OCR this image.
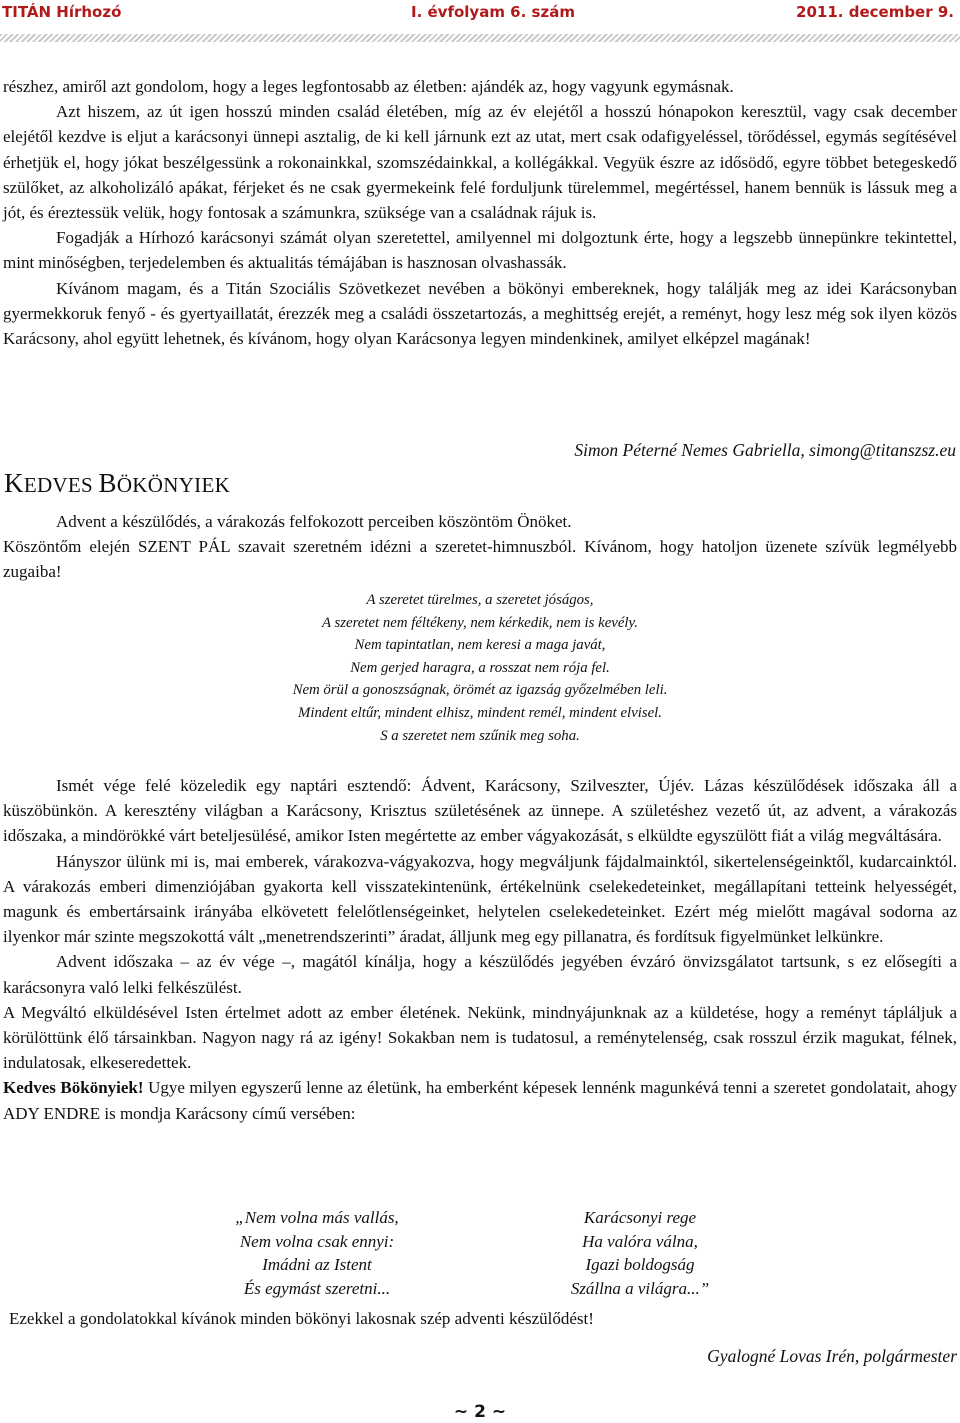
TITÁN Hírhozó	I. évfolyam 6. szám	2011. december 9.

részhez, amiről azt gondolom, hogy a leges legfontosabb az életben: ajándék az, hogy vagyunk egymásnak.

Azt hiszem, az út igen hosszú minden család életében, míg az év elejétől a hosszú hónapokon keresztül, vagy csak december elejétől kezdve is eljut a karácsonyi ünnepi asztalig, de ki kell járnunk ezt az utat, mert csak odafigyeléssel, törődéssel, egymás segítésével érhetjük el, hogy jókat beszélgessünk a rokonainkkal, szomszédainkkal, a kollégákkal. Vegyük észre az idősödő, egyre többet betegeskedő szülőket, az alkoholizáló apákat, férjeket és ne csak gyermekeink felé forduljunk türelemmel, megértéssel, hanem bennük is lássuk meg a jót, és éreztessük velük, hogy fontosak a számunkra, szüksége van a családnak rájuk is.

Fogadják a Hírhozó karácsonyi számát olyan szeretettel, amilyennel mi dolgoztunk érte, hogy a legszebb ünnepünkre tekintettel, mint minőségben, terjedelemben és aktualitás témájában is hasznosan olvashassák.

Kívánom magam, és a Titán Szociális Szövetkezet nevében a bökönyi embereknek, hogy találják meg az idei Karácsonyban gyermekkoruk fenyő - és gyertyaillatát, érezzék meg a családi összetartozás, a meghittség erejét, a reményt, hogy lesz még sok ilyen közös Karácsony, ahol együtt lehetnek, és kívánom, hogy olyan Karácsonya legyen mindenkinek, amilyet elképzel magának!

Simon Péterné Nemes Gabriella, simong@titanszsz.eu
KEDVES BÖKÖNYIEK

Advent a készülődés, a várakozás felfokozott perceiben köszöntöm Önöket.

Köszöntőm elején SZENT PÁL szavait szeretném idézni a szeretet-himnuszból. Kívánom, hogy hatoljon üzenete szívük legmélyebb zugaiba!

A szeretet türelmes, a szeretet jóságos,
A szeretet nem féltékeny, nem kérkedik, nem is kevély.
Nem tapintatlan, nem keresi a maga javát,
Nem gerjed haragra, a rosszat nem rója fel.
Nem örül a gonoszságnak, örömét az igazság győzelmében leli.
Mindent eltűr, mindent elhisz, mindent remél, mindent elvisel.
S a szeretet nem szűnik meg soha.

Ismét vége felé közeledik egy naptári esztendő: Ádvent, Karácsony, Szilveszter, Újév. Lázas készülődések időszaka áll a küszöbünkön. A keresztény világban a Karácsony, Krisztus születésének az ünnepe. A születéshez vezető út, az advent, a várakozás időszaka, a mindörökké várt beteljesülésé, amikor Isten megértette az ember vágyakozását, s elküldte egyszülött fiát a világ megváltására.

Hányszor ülünk mi is, mai emberek, várakozva-vágyakozva, hogy megváljunk fájdalmainktól, sikertelenségeinktől, kudarcainktól. A várakozás emberi dimenziójában gyakorta kell visszatekintenünk, értékelnünk cselekedeteinket, megállapítani tetteink helyességét, magunk és embertársaink irányába elkövetett felelőtlenségeinket, helytelen cselekedeteinket. Ezért még mielőtt magával sodorna az ilyenkor már szinte megszokottá vált „menetrendszerinti” áradat, álljunk meg egy pillanatra, és fordítsuk figyelmünket lelkünkre.

Advent időszaka – az év vége –, magától kínálja, hogy a készülődés jegyében évzáró önvizsgálatot tartsunk, s ez elősegíti a karácsonyra való lelki felkészülést.

A Megváltó elküldésével Isten értelmet adott az ember életének. Nekünk, mindnyájunknak az a küldetése, hogy a reményt tápláljuk a körülöttünk élő társainkban. Nagyon nagy rá az igény! Sokakban nem is tudatosul, a reménytelenség, csak rosszul érzik magukat, félnek, indulatosak, elkeseredettek.

Kedves Bökönyiek! Ugye milyen egyszerű lenne az életünk, ha emberként képesek lennénk magunkévá tenni a szeretet gondolatait, ahogy ADY ENDRE is mondja Karácsony című versében:

„Nem volna más vallás,
Nem volna csak ennyi:
Imádni az Istent
És egymást szeretni...
Karácsonyi rege
Ha valóra válna,
Igazi boldogság
Szállna a világra...”
Ezekkel a gondolatokkal kívánok minden bökönyi lakosnak szép adventi készülődést!
Gyalogné Lovas Irén, polgármester
~ 2 ~
